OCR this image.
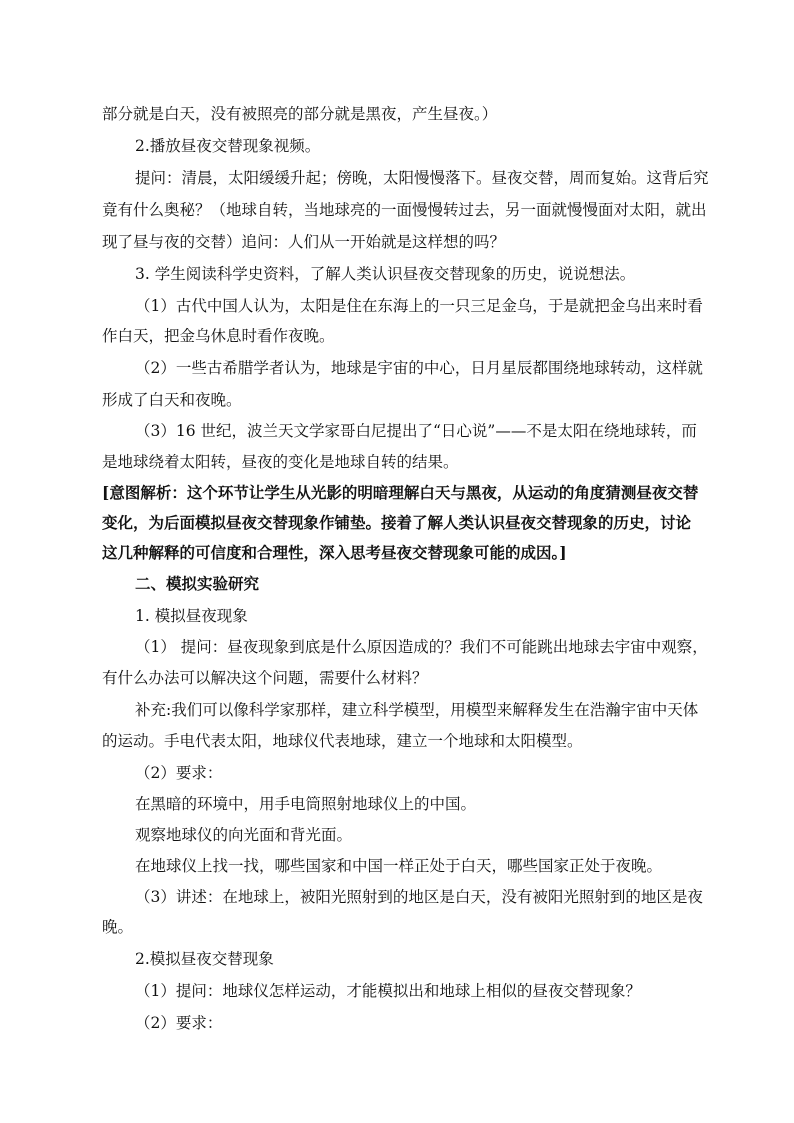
部分就是白天，没有被照亮的部分就是黑夜，产生昼夜。）
2.播放昼夜交替现象视频。
提问：清晨，太阳缓缓升起；傍晚，太阳慢慢落下。昼夜交替，周而复始。这背后究
竟有什么奥秘？（地球自转，当地球亮的一面慢慢转过去，另一面就慢慢面对太阳，就出
现了昼与夜的交替）追问：人们从一开始就是这样想的吗？
3. 学生阅读科学史资料，了解人类认识昼夜交替现象的历史，说说想法。
（1）古代中国人认为，太阳是住在东海上的一只三足金乌，于是就把金乌出来时看
作白天，把金乌休息时看作夜晚。
（2）一些古希腊学者认为，地球是宇宙的中心，日月星辰都围绕地球转动，这样就
形成了白天和夜晚。
（3）16 世纪，波兰天文学家哥白尼提出了“日心说”——不是太阳在绕地球转，而
是地球绕着太阳转，昼夜的变化是地球自转的结果。
[意图解析：这个环节让学生从光影的明暗理解白天与黑夜，从运动的角度猜测昼夜交替
变化，为后面模拟昼夜交替现象作铺垫。接着了解人类认识昼夜交替现象的历史，讨论
这几种解释的可信度和合理性，深入思考昼夜交替现象可能的成因。]
二、模拟实验研究
1. 模拟昼夜现象
（1） 提问：昼夜现象到底是什么原因造成的？我们不可能跳出地球去宇宙中观察，
有什么办法可以解决这个问题，需要什么材料？
补充:我们可以像科学家那样，建立科学模型，用模型来解释发生在浩瀚宇宙中天体
的运动。手电代表太阳，地球仪代表地球，建立一个地球和太阳模型。
（2）要求：
在黑暗的环境中，用手电筒照射地球仪上的中国。
观察地球仪的向光面和背光面。
在地球仪上找一找，哪些国家和中国一样正处于白天，哪些国家正处于夜晚。
（3）讲述：在地球上，被阳光照射到的地区是白天，没有被阳光照射到的地区是夜
晚。
2.模拟昼夜交替现象
（1）提问：地球仪怎样运动，才能模拟出和地球上相似的昼夜交替现象？
（2）要求：
